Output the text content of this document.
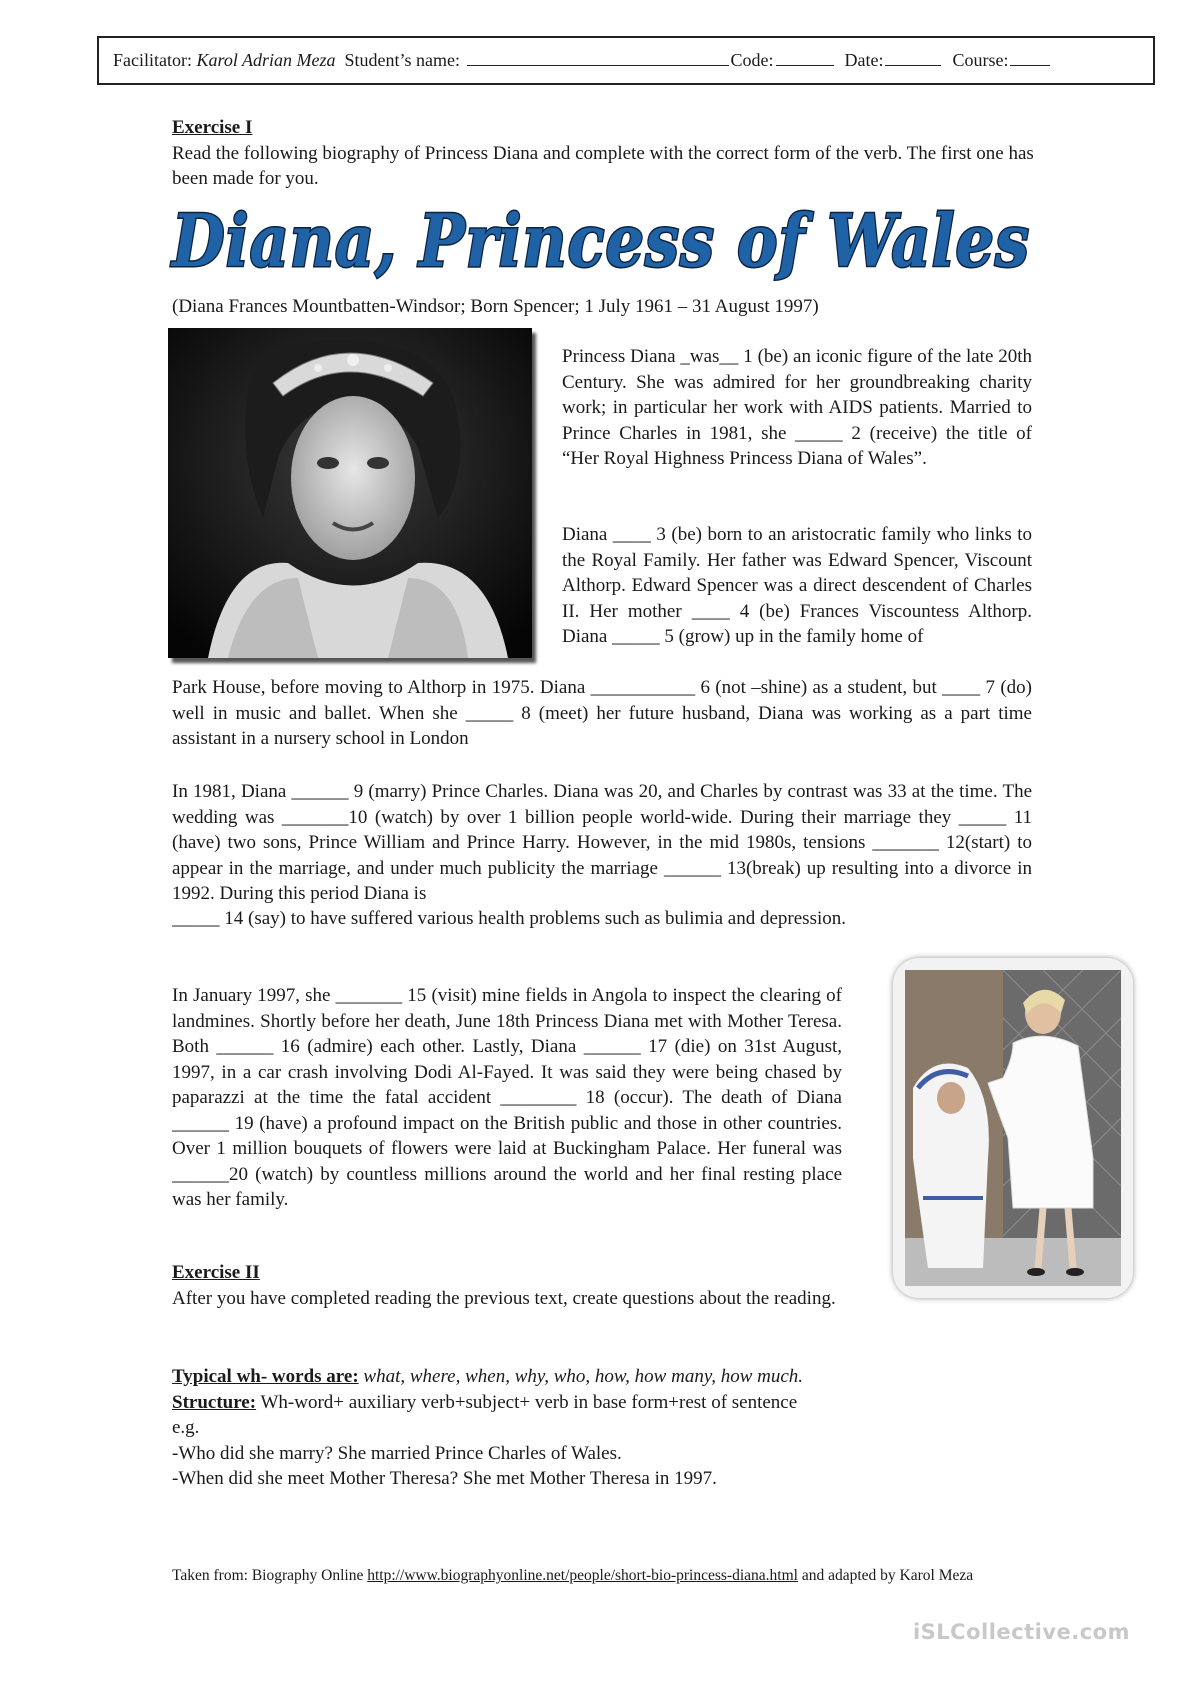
Facilitator: Karol Adrian Meza Student’s name:	Code:	Date:	Course:
Exercise I
Read the following biography of Princess Diana and complete with the correct form of the verb. The first one has been made for you.
Diana, Princess of Wales
(Diana Frances Mountbatten-Windsor; Born Spencer; 1 July 1961 – 31 August 1997)
Princess Diana _was__ 1 (be) an iconic figure of the late 20th Century. She was admired for her groundbreaking charity work; in particular her work with AIDS patients. Married to Prince Charles in 1981, she _____ 2 (receive) the title of “Her Royal Highness Princess Diana of Wales”.
Diana ____ 3 (be) born to an aristocratic family who links to the Royal Family. Her father was Edward Spencer, Viscount Althorp. Edward Spencer was a direct descendent of Charles II. Her mother ____ 4 (be) Frances Viscountess Althorp. Diana _____ 5 (grow) up in the family home of
Park House, before moving to Althorp in 1975. Diana ___________ 6 (not –shine) as a student, but ____ 7 (do) well in music and ballet. When she _____ 8 (meet) her future husband, Diana was working as a part time assistant in a nursery school in London
In 1981, Diana ______ 9 (marry) Prince Charles. Diana was 20, and Charles by contrast was 33 at the time. The wedding was _______10 (watch) by over 1 billion people world-wide. During their marriage they _____ 11 (have) two sons, Prince William and Prince Harry. However, in the mid 1980s, tensions _______ 12(start) to appear in the marriage, and under much publicity the marriage ______ 13(break) up resulting into a divorce in 1992. During this period Diana is
_____ 14 (say) to have suffered various health problems such as bulimia and depression.
In January 1997, she _______ 15 (visit) mine fields in Angola to inspect the clearing of landmines. Shortly before her death, June 18th Princess Diana met with Mother Teresa. Both ______ 16 (admire) each other. Lastly, Diana ______ 17 (die) on 31st August, 1997, in a car crash involving Dodi Al-Fayed. It was said they were being chased by paparazzi at the time the fatal accident ________ 18 (occur). The death of Diana ______ 19 (have) a profound impact on the British public and those in other countries. Over 1 million bouquets of flowers were laid at Buckingham Palace. Her funeral was ______20 (watch) by countless millions around the world and her final resting place was her family.
Exercise II
After you have completed reading the previous text, create questions about the reading.
Typical wh- words are: what, where, when, why, who, how, how many, how much.
Structure: Wh-word+ auxiliary verb+subject+ verb in base form+rest of sentence
e.g.
-Who did she marry? She married Prince Charles of Wales.
-When did she meet Mother Theresa? She met Mother Theresa in 1997.
Taken from: Biography Online http://www.biographyonline.net/people/short-bio-princess-diana.html and adapted by Karol Meza
iSLCollective.com
